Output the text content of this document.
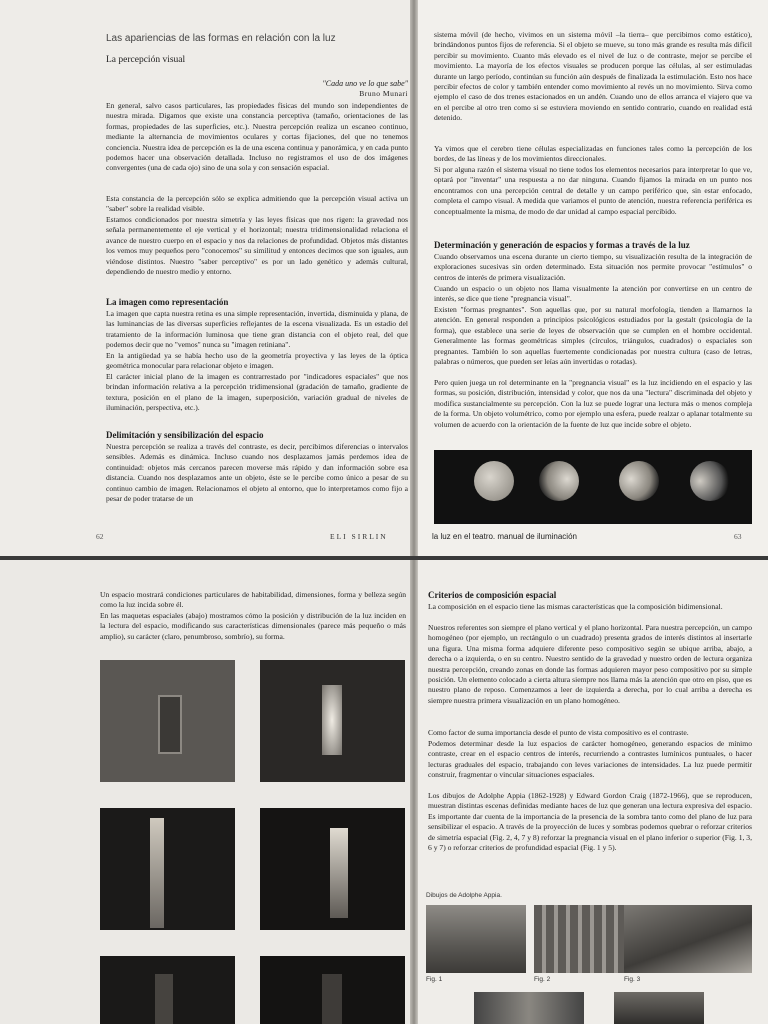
Las apariencias de las formas en relación con la luz
La percepción visual
"Cada uno ve lo que sabe"
Bruno Munari

En general, salvo casos particulares, las propiedades físicas del mundo son independientes de nuestra mirada. Digamos que existe una constancia perceptiva (tamaño, orientaciones de las formas, propiedades de las superficies, etc.). Nuestra percepción realiza un escaneo continuo, mediante la alternancia de movimientos oculares y cortas fijaciones, del que no tenemos conciencia. Nuestra idea de percepción es la de una escena continua y panorámica, y en cada punto podemos hacer una observación detallada. Incluso no registramos el uso de dos imágenes convergentes (una de cada ojo) sino de una sola y con sensación espacial.

Esta constancia de la percepción sólo se explica admitiendo que la percepción visual activa un "saber" sobre la realidad visible.

Estamos condicionados por nuestra simetría y las leyes físicas que nos rigen: la gravedad nos señala permanentemente el eje vertical y el horizontal; nuestra tridimensionalidad relaciona el avance de nuestro cuerpo en el espacio y nos da relaciones de profundidad. Objetos más distantes los vemos muy pequeños pero "conocemos" su similitud y entonces decimos que son iguales, aun viéndose distintos. Nuestro "saber perceptivo" es por un lado genético y además cultural, dependiendo de nuestro medio y entorno.

La imagen como representación

La imagen que capta nuestra retina es una simple representación, invertida, disminuida y plana, de las luminancias de las diversas superficies reflejantes de la escena visualizada. Es un estadio del tratamiento de la información luminosa que tiene gran distancia con el objeto real, del que podemos decir que no "vemos" nunca su "imagen retiniana".

En la antigüedad ya se había hecho uso de la geometría proyectiva y las leyes de la óptica geométrica monocular para relacionar objeto e imagen.

El carácter inicial plano de la imagen es contrarrestado por "indicadores espaciales" que nos brindan información relativa a la percepción tridimensional (gradación de tamaño, gradiente de textura, posición en el plano de la imagen, superposición, variación gradual de niveles de iluminación, perspectiva, etc.).

Delimitación y sensibilización del espacio

Nuestra percepción se realiza a través del contraste, es decir, percibimos diferencias o intervalos sensibles. Además es dinámica. Incluso cuando nos desplazamos jamás perdemos idea de continuidad: objetos más cercanos parecen moverse más rápido y dan información sobre esa distancia. Cuando nos desplazamos ante un objeto, éste se le percibe como único a pesar de su continuo cambio de imagen. Relacionamos el objeto al entorno, que lo interpretamos como fijo a pesar de poder tratarse de un

62	ELI SIRLIN

sistema móvil (de hecho, vivimos en un sistema móvil –la tierra– que percibimos como estático), brindándonos puntos fijos de referencia. Si el objeto se mueve, su tono más grande es resulta más difícil percibir su movimiento. Cuanto más elevado es el nivel de luz o de contraste, mejor se percibe el movimiento. La mayoría de los efectos visuales se producen porque las células, al ser estimuladas durante un largo período, continúan su función aún después de finalizada la estimulación. Esto nos hace percibir efectos de color y también entender como movimiento al revés un no movimiento. Sirva como ejemplo el caso de dos trenes estacionados en un andén. Cuando uno de ellos arranca el viajero que va en el percibe al otro tren como si se estuviera moviendo en sentido contrario, cuando en realidad está detenido.

Ya vimos que el cerebro tiene células especializadas en funciones tales como la percepción de los bordes, de las líneas y de los movimientos direccionales.

Si por alguna razón el sistema visual no tiene todos los elementos necesarios para interpretar lo que ve, optará por "inventar" una respuesta a no dar ninguna. Cuando fijamos la mirada en un punto nos encontramos con una percepción central de detalle y un campo periférico que, sin estar enfocado, completa el campo visual. A medida que variamos el punto de atención, nuestra referencia periférica es conceptualmente la misma, de modo de dar unidad al campo espacial percibido.

Determinación y generación de espacios y formas a través de la luz

Cuando observamos una escena durante un cierto tiempo, su visualización resulta de la integración de exploraciones sucesivas sin orden determinado. Esta situación nos permite provocar "estímulos" o centros de interés de primera visualización.

Cuando un espacio o un objeto nos llama visualmente la atención por convertirse en un centro de interés, se dice que tiene "pregnancia visual".

Existen "formas pregnantes". Son aquellas que, por su natural morfología, tienden a llamarnos la atención. En general responden a principios psicológicos estudiados por la gestalt (psicología de la forma), que establece una serie de leyes de observación que se cumplen en el hombre occidental. Generalmente las formas geométricas simples (círculos, triángulos, cuadrados) o espaciales son pregnantes. También lo son aquellas fuertemente condicionadas por nuestra cultura (caso de letras, palabras o números, que pueden ser leías aún invertidas o rotadas).

Pero quien juega un rol determinante en la "pregnancia visual" es la luz incidiendo en el espacio y las formas, su posición, distribución, intensidad y color, que nos da una "lectura" discriminada del objeto y modifica sustancialmente su percepción. Con la luz se puede lograr una lectura más o menos compleja de la forma. Un objeto volumétrico, como por ejemplo una esfera, puede realzar o aplanar totalmente su volumen de acuerdo con la orientación de la fuente de luz que incide sobre el objeto.

la luz en el teatro. manual de iluminación	63

Un espacio mostrará condiciones particulares de habitabilidad, dimensiones, forma y belleza según como la luz incida sobre él.

En las maquetas espaciales (abajo) mostramos cómo la posición y distribución de la luz inciden en la lectura del espacio, modificando sus características dimensionales (parece más pequeño o más amplio), su carácter (claro, penumbroso, sombrío), su forma.

Criterios de composición espacial

La composición en el espacio tiene las mismas características que la composición bidimensional.

Nuestros referentes son siempre el plano vertical y el plano horizontal. Para nuestra percepción, un campo homogéneo (por ejemplo, un rectángulo o un cuadrado) presenta grados de interés distintos al insertarle una figura. Una misma forma adquiere diferente peso compositivo según se ubique arriba, abajo, a derecha o a izquierda, o en su centro. Nuestro sentido de la gravedad y nuestro orden de lectura organiza nuestra percepción, creando zonas en donde las formas adquieren mayor peso compositivo por su simple posición. Un elemento colocado a cierta altura siempre nos llama más la atención que otro en piso, que es nuestro plano de reposo. Comenzamos a leer de izquierda a derecha, por lo cual arriba a derecha es siempre nuestra primera visualización en un plano homogéneo.

Como factor de suma importancia desde el punto de vista compositivo es el contraste.

Podemos determinar desde la luz espacios de carácter homogéneo, generando espacios de mínimo contraste, crear en el espacio centros de interés, recurriendo a contrastes lumínicos puntuales, o hacer lecturas graduales del espacio, trabajando con leves variaciones de intensidades. La luz puede permitir construir, fragmentar o vincular situaciones espaciales.

Los dibujos de Adolphe Appia (1862-1928) y Edward Gordon Craig (1872-1966), que se reproducen, muestran distintas escenas definidas mediante haces de luz que generan una lectura expresiva del espacio. Es importante dar cuenta de la importancia de la presencia de la sombra tanto como del plano de luz para sensibilizar el espacio. A través de la proyección de luces y sombras podemos quebrar o reforzar criterios de simetría espacial (Fig. 2, 4, 7 y 8) reforzar la pregnancia visual en el plano inferior o superior (Fig. 1, 3, 6 y 7) o reforzar criterios de profundidad espacial (Fig. 1 y 5).

Dibujos de Adolphe Appia.
Fig. 1	Fig. 2	Fig. 3
